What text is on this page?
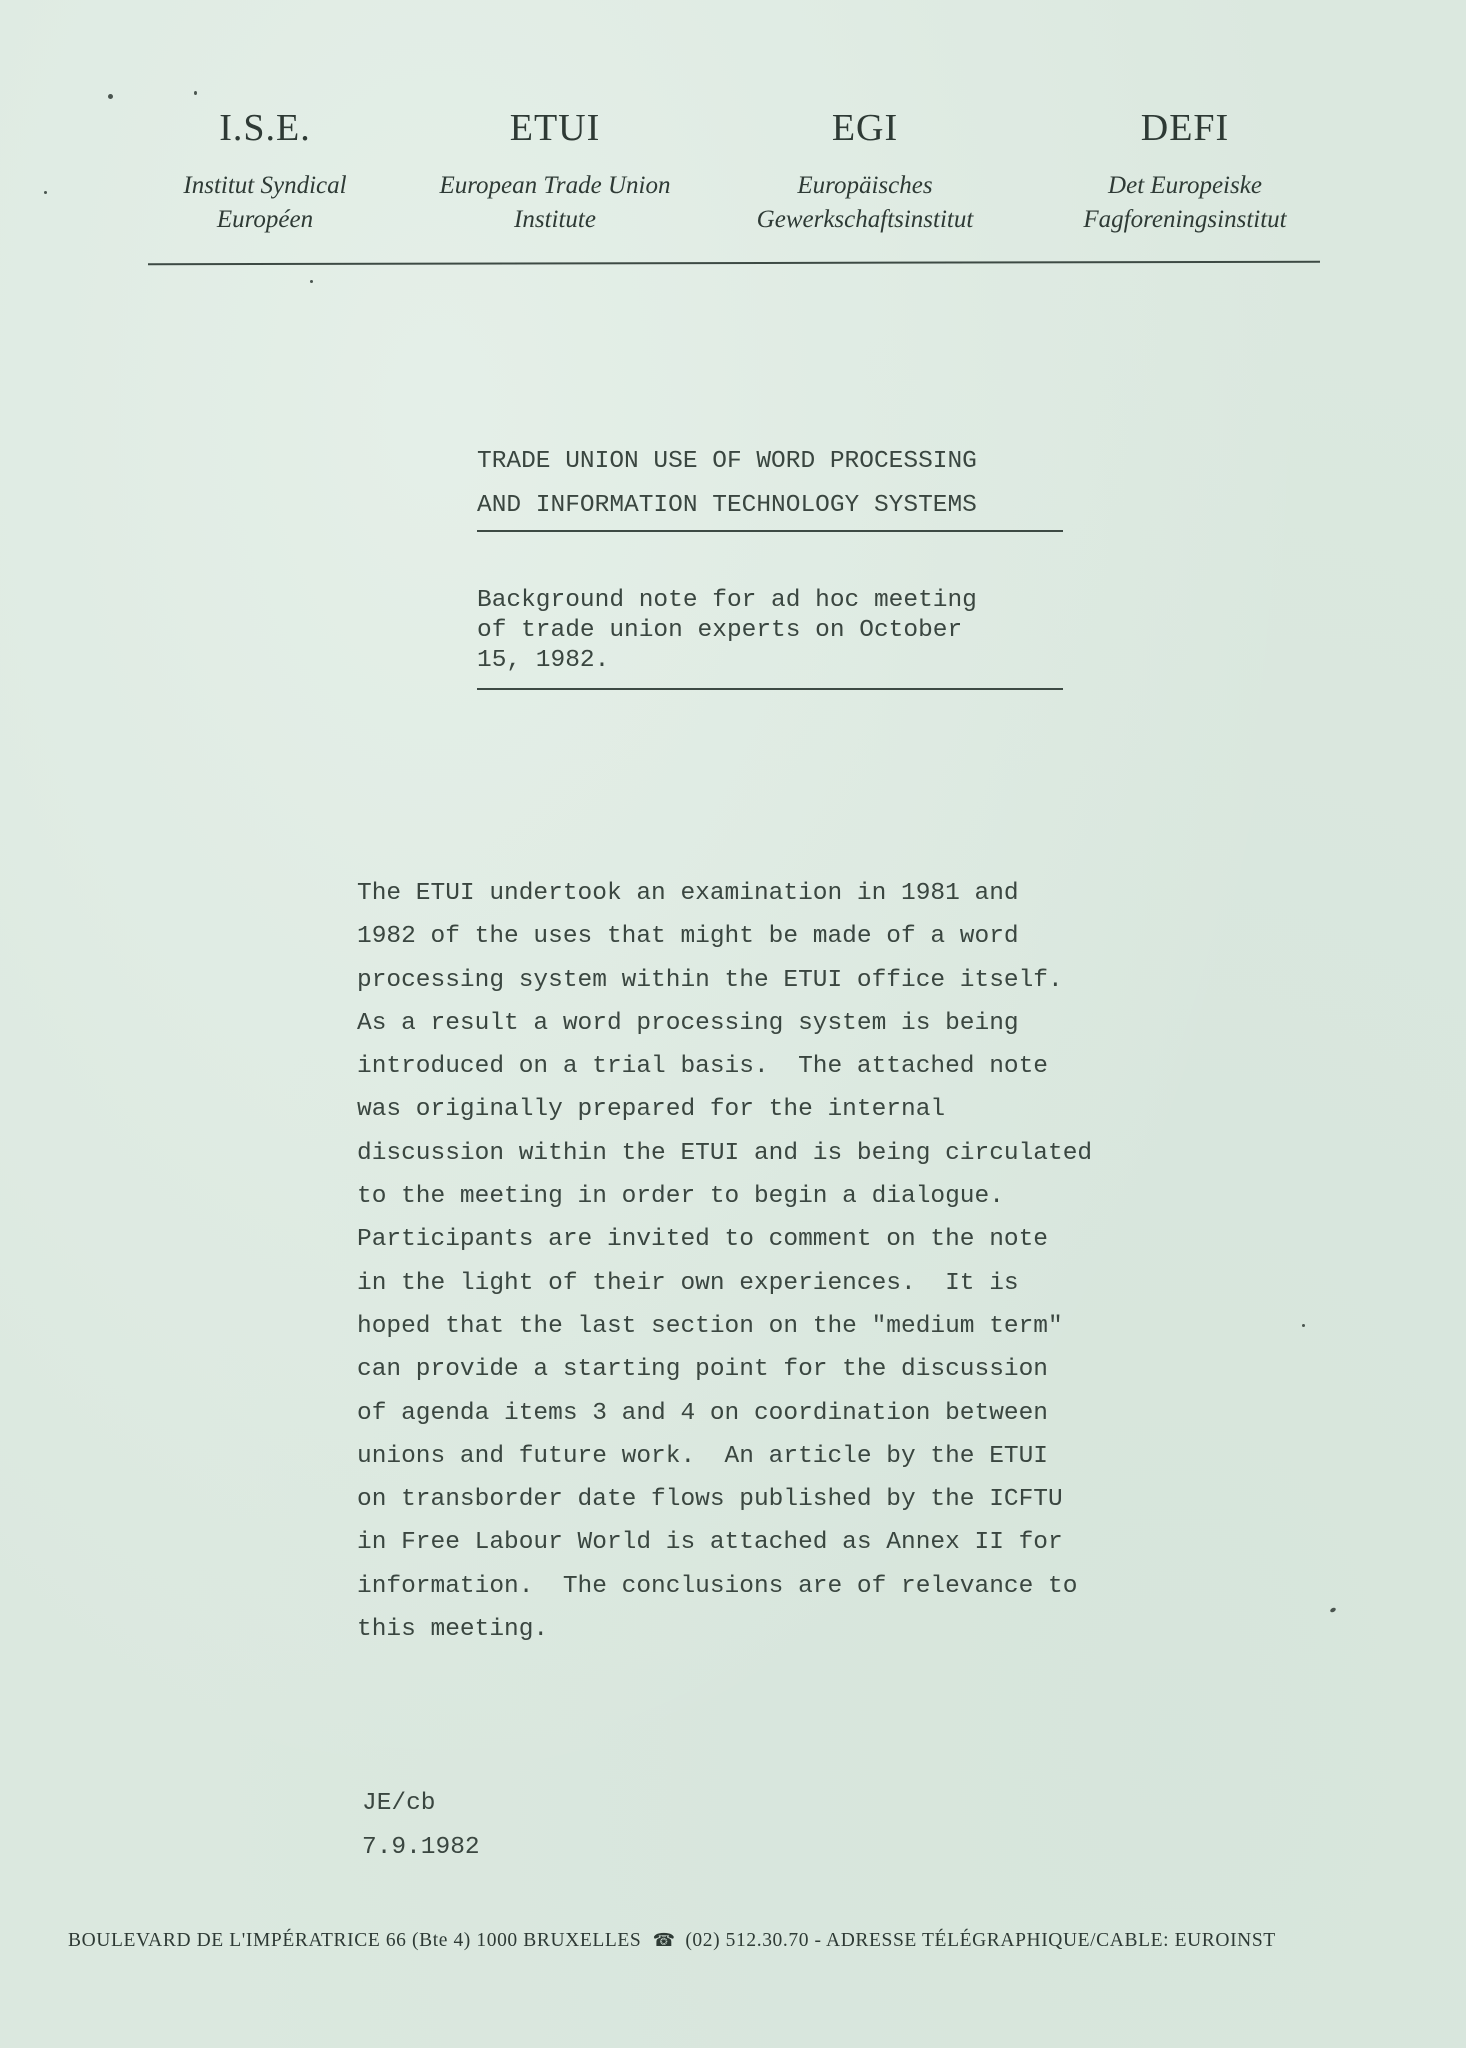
I.S.E.
Institut Syndical
Européen
ETUI
European Trade Union
Institute
EGI
Europäisches
Gewerkschaftsinstitut
DEFI
Det Europeiske
Fagforeningsinstitut
TRADE UNION USE OF WORD PROCESSING
AND INFORMATION TECHNOLOGY SYSTEMS
Background note for ad hoc meeting
of trade union experts on October
15, 1982.
The ETUI undertook an examination in 1981 and
1982 of the uses that might be made of a word
processing system within the ETUI office itself.
As a result a word processing system is being
introduced on a trial basis.  The attached note
was originally prepared for the internal
discussion within the ETUI and is being circulated
to the meeting in order to begin a dialogue.
Participants are invited to comment on the note
in the light of their own experiences.  It is
hoped that the last section on the "medium term"
can provide a starting point for the discussion
of agenda items 3 and 4 on coordination between
unions and future work.  An article by the ETUI
on transborder date flows published by the ICFTU
in Free Labour World is attached as Annex II for
information.  The conclusions are of relevance to
this meeting.
JE/cb
7.9.1982
BOULEVARD DE L'IMPÉRATRICE 66 (Bte 4) 1000 BRUXELLES ☎ (02) 512.30.70 - ADRESSE TÉLÉGRAPHIQUE/CABLE: EUROINST
